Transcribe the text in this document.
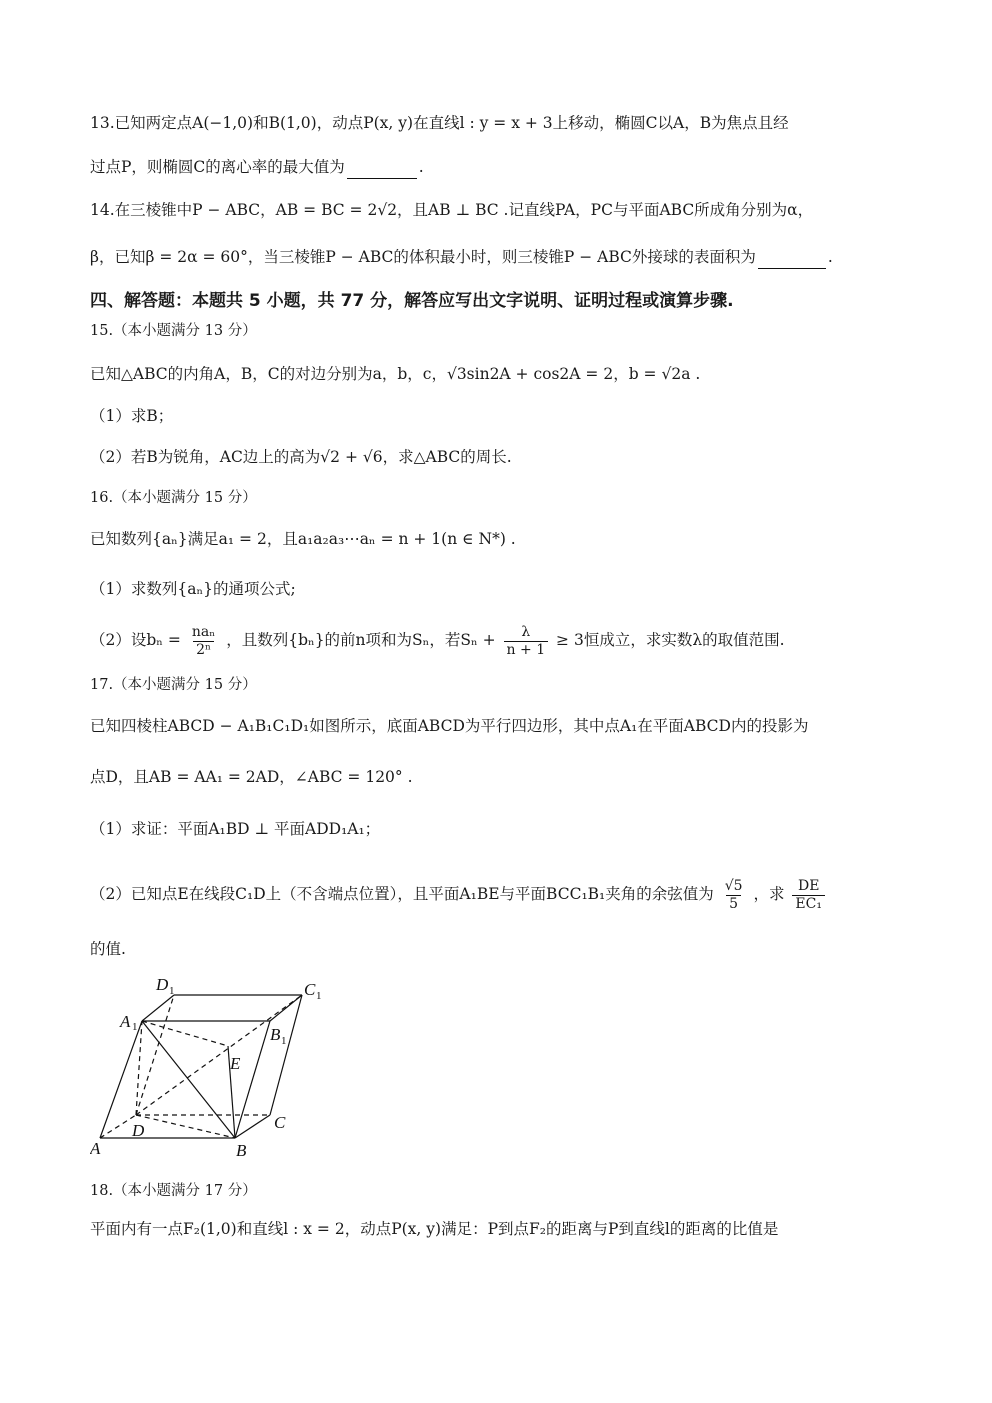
13.已知两定点A(−1,0)和B(1,0)，动点P(x, y)在直线l : y = x + 3上移动，椭圆C以A，B为焦点且经
过点P，则椭圆C的离心率的最大值为	.
14.在三棱锥中P − ABC，AB = BC = 2√2，且AB ⊥ BC .记直线PA，PC与平面ABC所成角分别为α，
β，已知β = 2α = 60°，当三棱锥P − ABC的体积最小时，则三棱锥P − ABC外接球的表面积为	.
四、解答题：本题共 5 小题，共 77 分，解答应写出文字说明、证明过程或演算步骤.
15.（本小题满分 13 分）
已知△ABC的内角A，B，C的对边分别为a，b，c，√3sin2A + cos2A = 2，b = √2a .
（1）求B；
（2）若B为锐角，AC边上的高为√2 + √6，求△ABC的周长.
16.（本小题满分 15 分）
已知数列{aₙ}满足a₁ = 2，且a₁a₂a₃⋯aₙ = n + 1(n ∈ N*) .
（1）求数列{aₙ}的通项公式;
（2）设$b_n = \frac{\text{naₙ}}{\text{2ⁿ}}$ ，且数列{bₙ}的前n项和为Sₙ，若$S_n + \frac{\lambda}{n + 1} \ge 3$恒成立，求实数λ的取值范围.
17.（本小题满分 15 分）
已知四棱柱ABCD − A₁B₁C₁D₁如图所示，底面ABCD为平行四边形，其中点A₁在平面ABCD内的投影为
点D，且AB = AA₁ = 2AD，∠ABC = 120° .
（1）求证：平面A₁BD ⊥ 平面ADD₁A₁；
（2）已知点E在线段C₁D上（不含端点位置），且平面A₁BE与平面BCC₁B₁夹角的余弦值为 $\frac{√5}{5}$ ，求 $\frac{DE}{\text{EC₁}}$
的值.
A	B
C
D
E
A 1	B 1
C 1
D 1
18.（本小题满分 17 分）
平面内有一点F₂(1,0)和直线l : x = 2，动点P(x, y)满足：P到点F₂的距离与P到直线l的距离的比值是
